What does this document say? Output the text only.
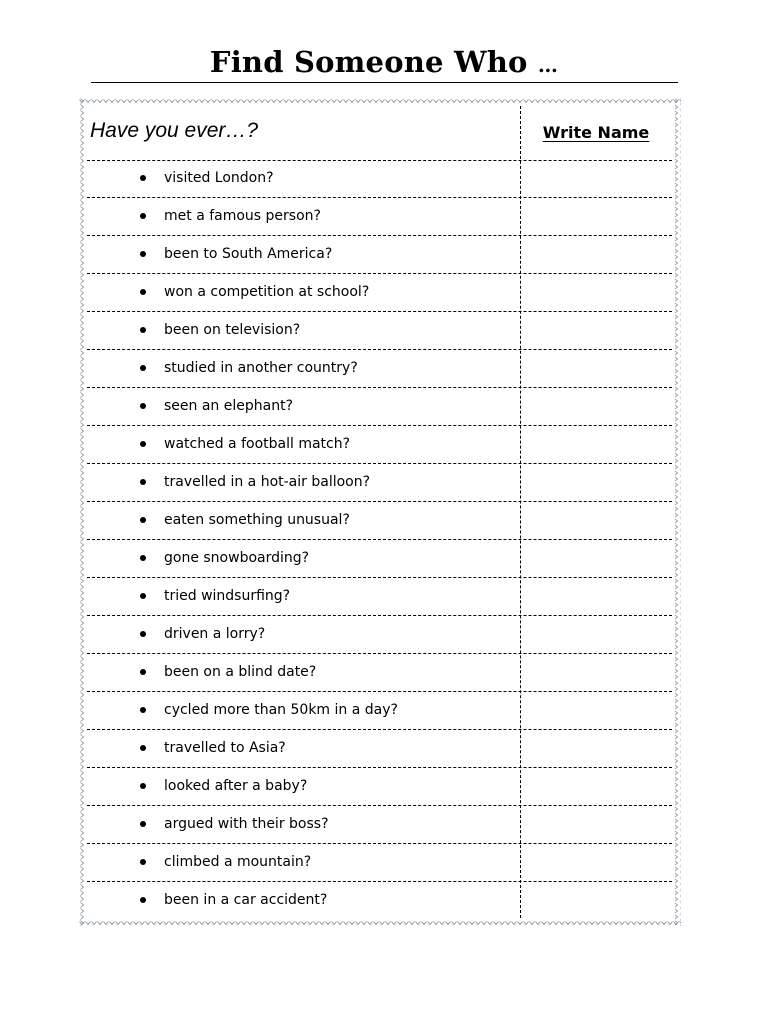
Find Someone Who …
Have you ever…?	Write Name
visited London?
met a famous person?
been to South America?
won a competition at school?
been on television?
studied in another country?
seen an elephant?
watched a football match?
travelled in a hot-air balloon?
eaten something unusual?
gone snowboarding?
tried windsurfing?
driven a lorry?
been on a blind date?
cycled more than 50km in a day?
travelled to Asia?
looked after a baby?
argued with their boss?
climbed a mountain?
been in a car accident?
